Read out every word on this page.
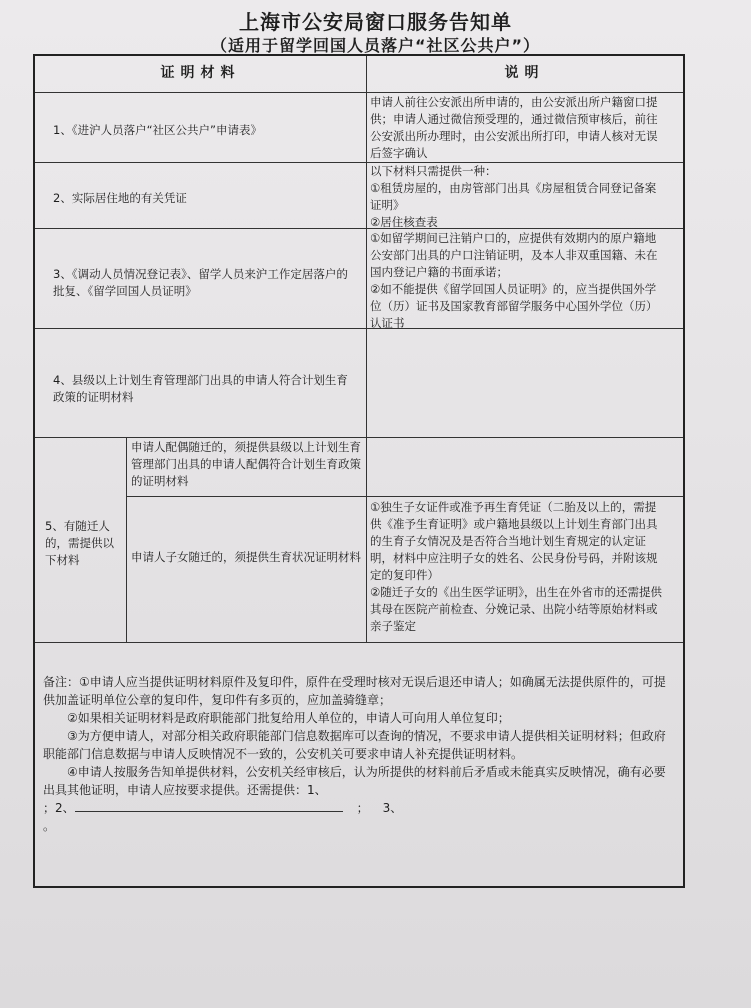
上海市公安局窗口服务告知单
（适用于留学回国人员落户“社区公共户”）
证明材料	说明
1、《进沪人员落户“社区公共户”申请表》
申请人前往公安派出所申请的，由公安派出所户籍窗口提供；申请人通过微信预受理的，通过微信预审核后，前往公安派出所办理时，由公安派出所打印，申请人核对无误后签字确认
2、实际居住地的有关凭证
以下材料只需提供一种：
①租赁房屋的，由房管部门出具《房屋租赁合同登记备案证明》
②居住核查表
3、《调动人员情况登记表》、留学人员来沪工作定居落户的批复、《留学回国人员证明》
①如留学期间已注销户口的，应提供有效期内的原户籍地公安部门出具的户口注销证明，及本人非双重国籍、未在国内登记户籍的书面承诺；
②如不能提供《留学回国人员证明》的，应当提供国外学位（历）证书及国家教育部留学服务中心国外学位（历）认证书
4、县级以上计划生育管理部门出具的申请人符合计划生育政策的证明材料
5、有随迁人的，需提供以下材料
申请人配偶随迁的，须提供县级以上计划生育管理部门出具的申请人配偶符合计划生育政策的证明材料
申请人子女随迁的，须提供生育状况证明材料
①独生子女证件或准予再生育凭证（二胎及以上的，需提供《准予生育证明》或户籍地县级以上计划生育部门出具的生育子女情况及是否符合当地计划生育规定的认定证明，材料中应注明子女的姓名、公民身份号码，并附该规定的复印件）
②随迁子女的《出生医学证明》，出生在外省市的还需提供其母在医院产前检查、分娩记录、出院小结等原始材料或亲子鉴定

备注：①申请人应当提供证明材料原件及复印件，原件在受理时核对无误后退还申请人；如确属无法提供原件的，可提供加盖证明单位公章的复印件，复印件有多页的，应加盖骑缝章；

②如果相关证明材料是政府职能部门批复给用人单位的，申请人可向用人单位复印；

③为方便申请人，对部分相关政府职能部门信息数据库可以查询的情况，不要求申请人提供相关证明材料；但政府职能部门信息数据与申请人反映情况不一致的，公安机关可要求申请人补充提供证明材料。

④申请人按服务告知单提供材料，公安机关经审核后，认为所提供的材料前后矛盾或未能真实反映情况，确有必要出具其他证明，申请人应按要求提供。还需提供：1、

；2、	； 3、

。
